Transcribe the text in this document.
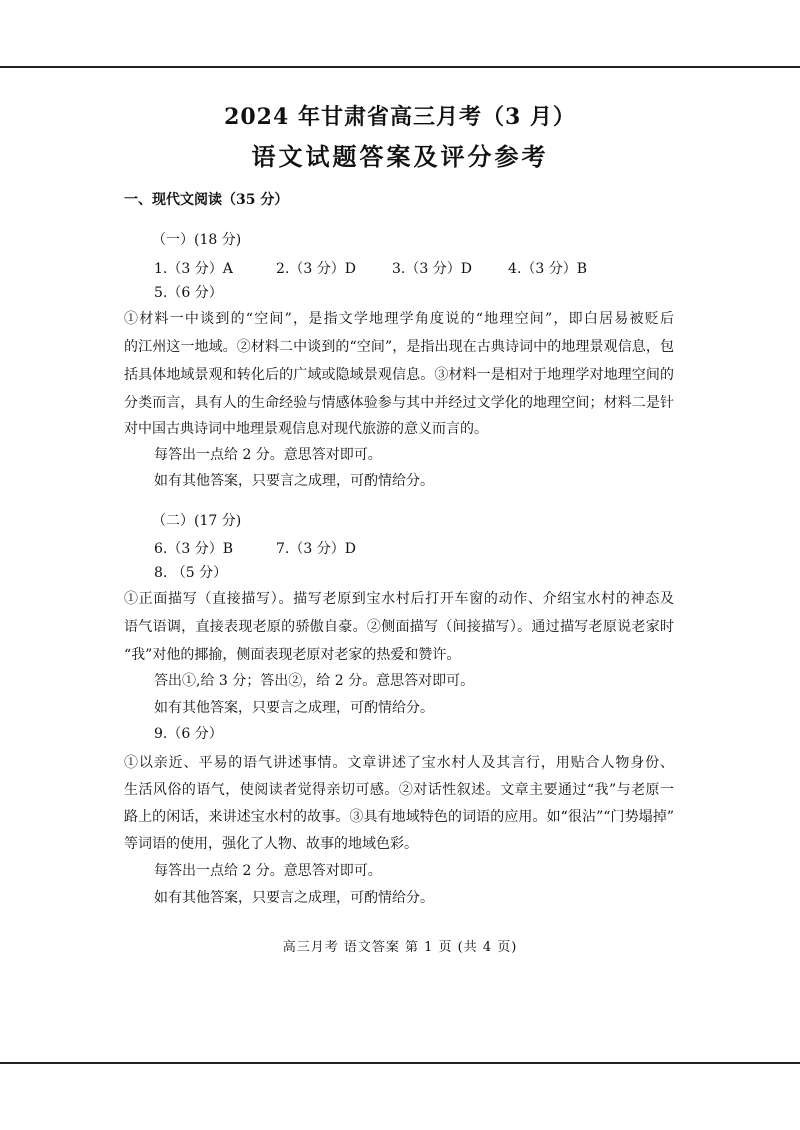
2024 年甘肃省高三月考（3 月）
语文试题答案及评分参考
一、现代文阅读（35 分）
（一）(18 分)
1.（3 分）A	2.（3 分）D	3.（3 分）D	4.（3 分）B
5.（6 分）
①材料一中谈到的“空间”，是指文学地理学角度说的“地理空间”，即白居易被贬后
的江州这一地域。②材料二中谈到的“空间”，是指出现在古典诗词中的地理景观信息，包
括具体地域景观和转化后的广域或隐域景观信息。③材料一是相对于地理学对地理空间的
分类而言，具有人的生命经验与情感体验参与其中并经过文学化的地理空间；材料二是针
对中国古典诗词中地理景观信息对现代旅游的意义而言的。
每答出一点给 2 分。意思答对即可。
如有其他答案，只要言之成理，可酌情给分。
（二）(17 分)
6.（3 分）B	7.（3 分）D
8. （5 分）
①正面描写（直接描写）。描写老原到宝水村后打开车窗的动作、介绍宝水村的神态及
语气语调，直接表现老原的骄傲自豪。②侧面描写（间接描写）。通过描写老原说老家时
“我”对他的揶揄，侧面表现老原对老家的热爱和赞许。
答出①,给 3 分；答出②，给 2 分。意思答对即可。
如有其他答案，只要言之成理，可酌情给分。
9.（6 分）
①以亲近、平易的语气讲述事情。文章讲述了宝水村人及其言行，用贴合人物身份、
生活风俗的语气，使阅读者觉得亲切可感。②对话性叙述。文章主要通过“我”与老原一
路上的闲话，来讲述宝水村的故事。③具有地域特色的词语的应用。如“很沾”“门势塌掉”
等词语的使用，强化了人物、故事的地域色彩。
每答出一点给 2 分。意思答对即可。
如有其他答案，只要言之成理，可酌情给分。
高三月考 语文答案 第 1 页 (共 4 页)
